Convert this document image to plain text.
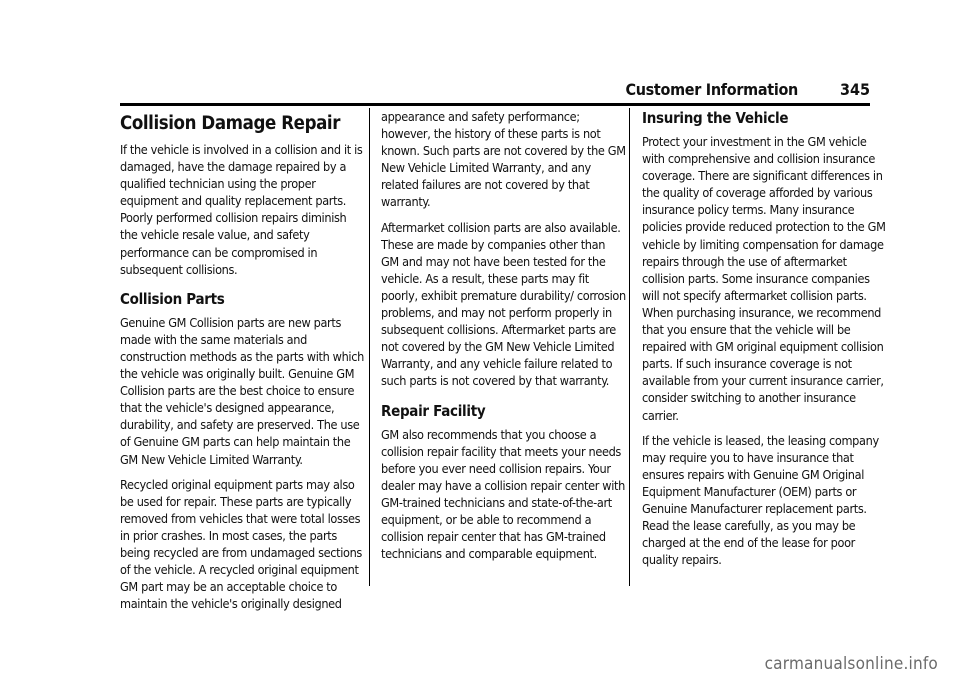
Customer Information	345
Collision Damage Repair

If the vehicle is involved in a collision and it is damaged, have the damage repaired by a qualified technician using the proper equipment and quality replacement parts. Poorly performed collision repairs diminish the vehicle resale value, and safety performance can be compromised in subsequent collisions.

Collision Parts

Genuine GM Collision parts are new parts made with the same materials and construction methods as the parts with which the vehicle was originally built. Genuine GM Collision parts are the best choice to ensure that the vehicle's designed appearance, durability, and safety are preserved. The use of Genuine GM parts can help maintain the GM New Vehicle Limited Warranty.

Recycled original equipment parts may also be used for repair. These parts are typically removed from vehicles that were total losses in prior crashes. In most cases, the parts being recycled are from undamaged sections of the vehicle. A recycled original equipment GM part may be an acceptable choice to maintain the vehicle's originally designed

appearance and safety performance; however, the history of these parts is not known. Such parts are not covered by the GM New Vehicle Limited Warranty, and any related failures are not covered by that warranty.

Aftermarket collision parts are also available. These are made by companies other than GM and may not have been tested for the vehicle. As a result, these parts may fit poorly, exhibit premature durability/ corrosion problems, and may not perform properly in subsequent collisions. Aftermarket parts are not covered by the GM New Vehicle Limited Warranty, and any vehicle failure related to such parts is not covered by that warranty.

Repair Facility

GM also recommends that you choose a collision repair facility that meets your needs before you ever need collision repairs. Your dealer may have a collision repair center with GM-trained technicians and state-of-the-art equipment, or be able to recommend a collision repair center that has GM-trained technicians and comparable equipment.

Insuring the Vehicle

Protect your investment in the GM vehicle with comprehensive and collision insurance coverage. There are significant differences in the quality of coverage afforded by various insurance policy terms. Many insurance policies provide reduced protection to the GM vehicle by limiting compensation for damage repairs through the use of aftermarket collision parts. Some insurance companies will not specify aftermarket collision parts. When purchasing insurance, we recommend that you ensure that the vehicle will be repaired with GM original equipment collision parts. If such insurance coverage is not available from your current insurance carrier, consider switching to another insurance carrier.

If the vehicle is leased, the leasing company may require you to have insurance that ensures repairs with Genuine GM Original Equipment Manufacturer (OEM) parts or Genuine Manufacturer replacement parts. Read the lease carefully, as you may be charged at the end of the lease for poor quality repairs.

carmanualsonline.info
